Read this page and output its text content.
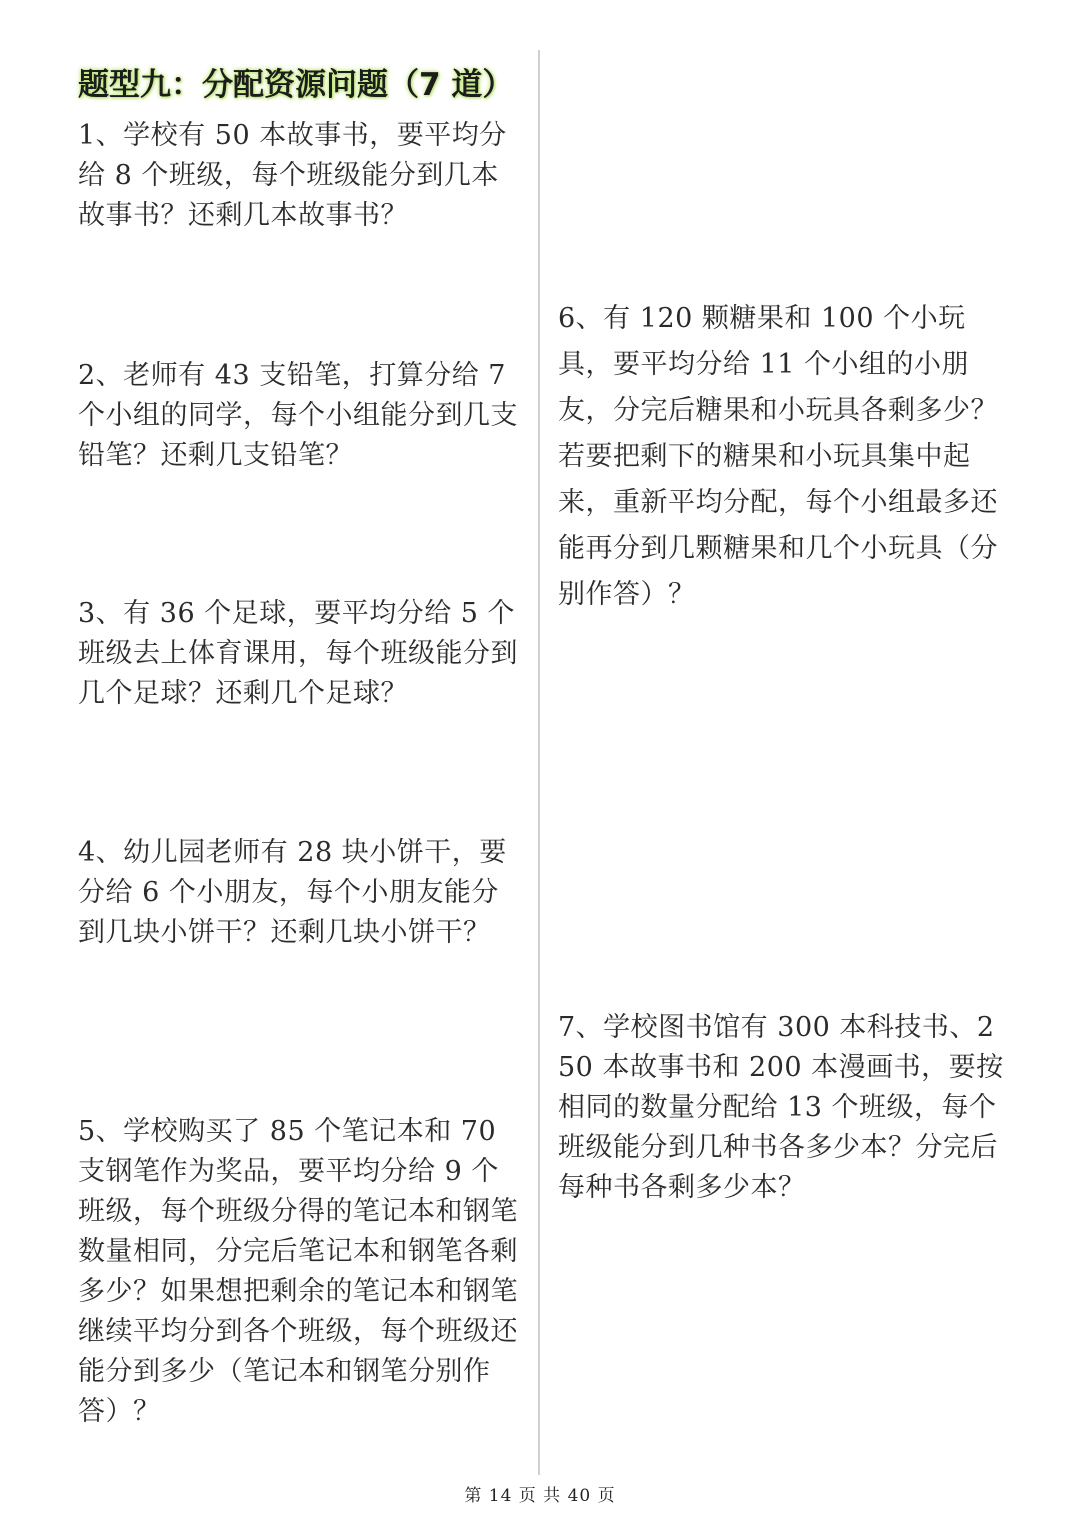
题型九：分配资源问题（7 道）
1、学校有 50 本故事书，要平均分给 8 个班级，每个班级能分到几本故事书？还剩几本故事书？
2、老师有 43 支铅笔，打算分给 7 个小组的同学，每个小组能分到几支铅笔？还剩几支铅笔？
3、有 36 个足球，要平均分给 5 个班级去上体育课用，每个班级能分到几个足球？还剩几个足球？
4、幼儿园老师有 28 块小饼干，要分给 6 个小朋友，每个小朋友能分到几块小饼干？还剩几块小饼干？
5、学校购买了 85 个笔记本和 70 支钢笔作为奖品，要平均分给 9 个班级，每个班级分得的笔记本和钢笔数量相同，分完后笔记本和钢笔各剩多少？如果想把剩余的笔记本和钢笔继续平均分到各个班级，每个班级还能分到多少（笔记本和钢笔分别作答）？
6、有 120 颗糖果和 100 个小玩具，要平均分给 11 个小组的小朋友，分完后糖果和小玩具各剩多少？若要把剩下的糖果和小玩具集中起来，重新平均分配，每个小组最多还能再分到几颗糖果和几个小玩具（分别作答）？
7、学校图书馆有 300 本科技书、250 本故事书和 200 本漫画书，要按相同的数量分配给 13 个班级，每个班级能分到几种书各多少本？分完后每种书各剩多少本？
第 14 页 共 40 页
